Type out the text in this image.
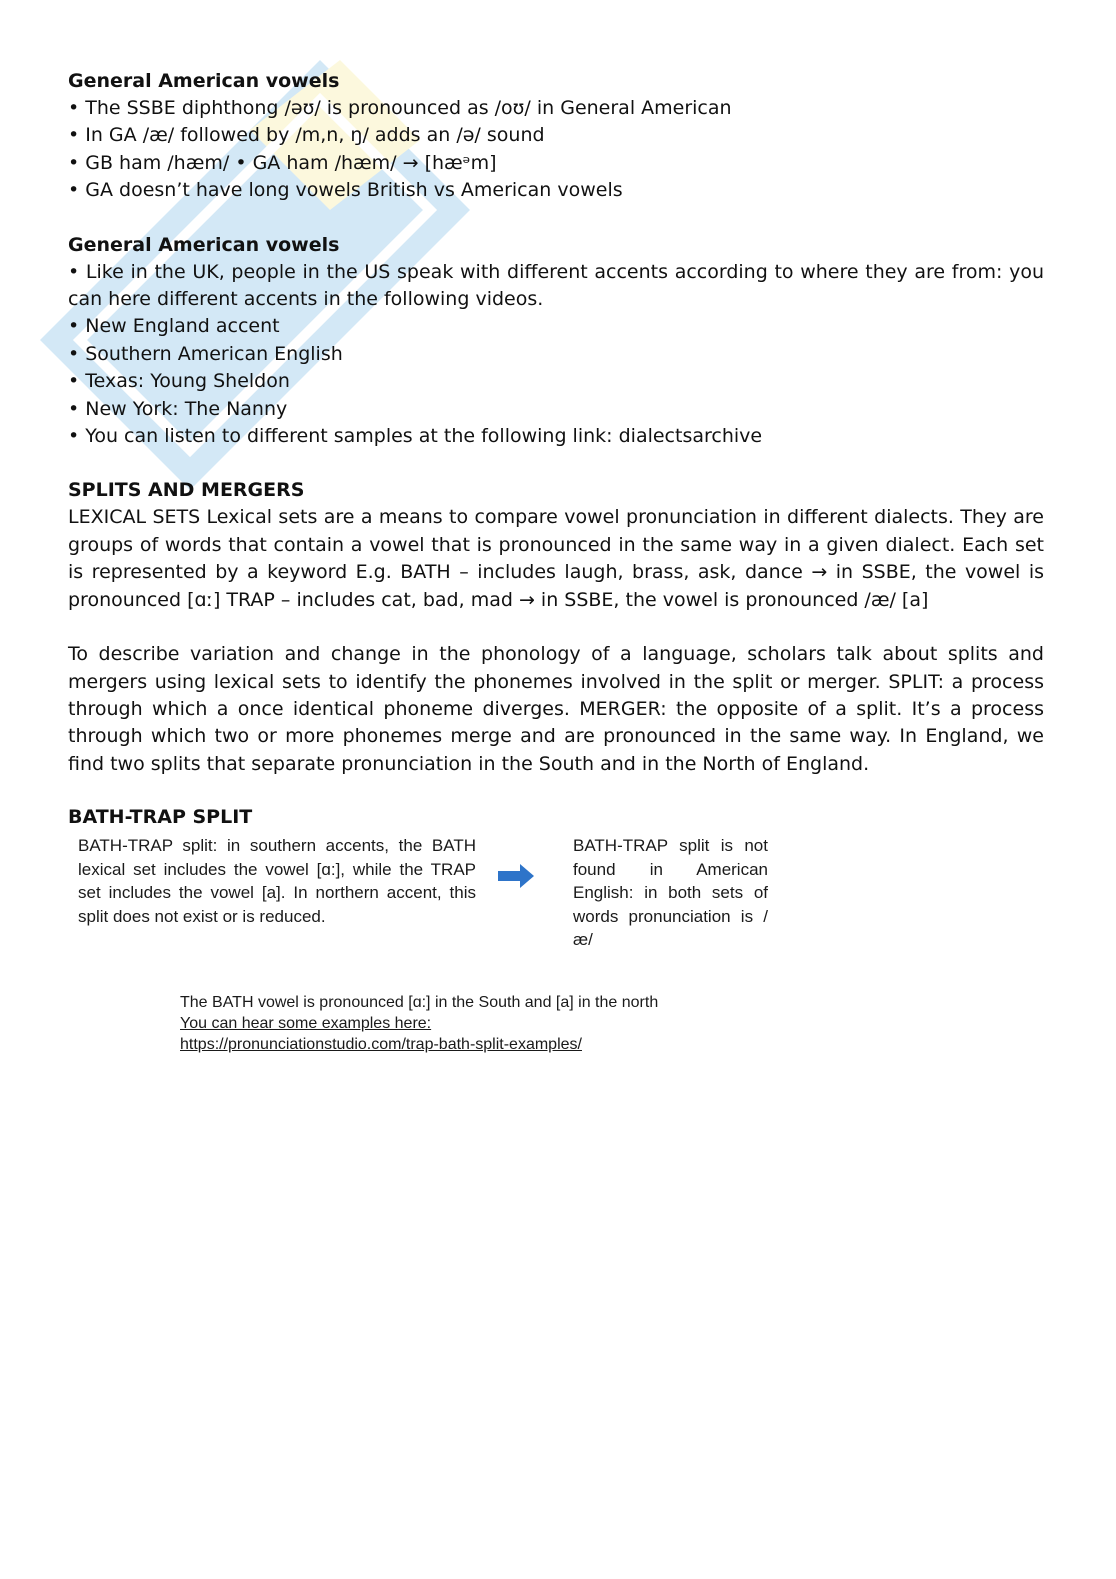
General American vowels

• The SSBE diphthong /əʊ/ is pronounced as /oʊ/ in General American

• In GA /æ/ followed by /m,n, ŋ/ adds an /ə/ sound

• GB ham /hæm/ • GA ham /hæm/ → [hæᵊm]

• GA doesn’t have long vowels British vs American vowels

General American vowels

• Like in the UK, people in the US speak with different accents according to where they are from: you can here different accents in the following videos.

• New England accent

• Southern American English

• Texas: Young Sheldon

• New York: The Nanny

• You can listen to different samples at the following link: dialectsarchive

SPLITS AND MERGERS

LEXICAL SETS Lexical sets are a means to compare vowel pronunciation in different dialects. They are groups of words that contain a vowel that is pronounced in the same way in a given dialect. Each set is represented by a keyword E.g. BATH – includes laugh, brass, ask, dance → in SSBE, the vowel is pronounced [ɑː] TRAP – includes cat, bad, mad → in SSBE, the vowel is pronounced /æ/ [a]

To describe variation and change in the phonology of a language, scholars talk about splits and mergers using lexical sets to identify the phonemes involved in the split or merger. SPLIT: a process through which a once identical phoneme diverges. MERGER: the opposite of a split. It’s a process through which two or more phonemes merge and are pronounced in the same way. In England, we find two splits that separate pronunciation in the South and in the North of England.

BATH-TRAP SPLIT
BATH-TRAP split: in southern accents, the BATH lexical set includes the vowel [ɑ:], while the TRAP set includes the vowel [a]. In northern accent, this split does not exist or is reduced.
BATH-TRAP split is not found in American English: in both sets of words pronunciation is /æ/
The BATH vowel is pronounced [ɑ:] in the South and [a] in the north
You can hear some examples here:
https://pronunciationstudio.com/trap-bath-split-examples/
